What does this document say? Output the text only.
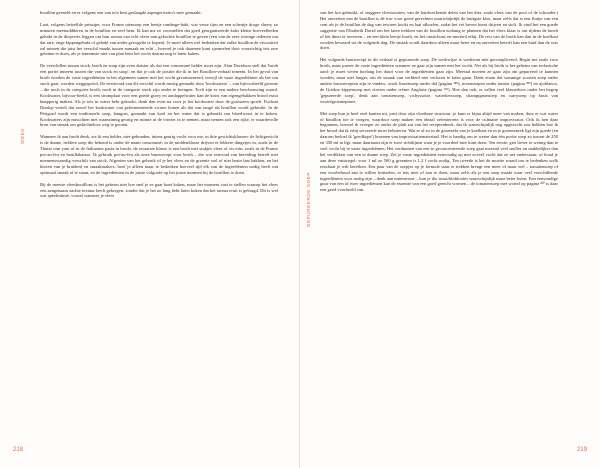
WEEK

bouillon geeneld en er volgens een van m'n best geslaagde aspergerisotto's mee gemaakt.

Laat, volgens hetzelfde principe, voor Franse uiensoep een beetje runderge-hakt, wat verse tijm en een scheutje droge sherry zo minuten meenuddderen in de bouillon en zeef hem. Ik kan me zo voorstellen dat goed georganiseerde koks kleine hoeveelheden gehakt in de diepvries leggen om hun aroma van echt vlees aan gekochte bouillon te geven (een van de zeer weinige redenen om dat rare, enge kippengehakt of gehakt van ander gevogelte te kopen). Je moet alleen wel bedenken dat zulke bouillon de viscositeit zal missen die juist het verschil maakt tussen namaak en echt – hoewel je ook daarmee kunt sjoemelen door voorzichtig iets rare gelatine te doen, als je tenminste niet van plan bent het vocht daarna nog te laten koken.

De verschillen tussen stock, broth en soup zijn even duister als dat een consommé helder moet zijn. Alan Davidson stelt dat 'broth een portie inneem tussen die van stock en soup', en dat je ook de positie die ik in het Bouillon-verhaal inneem. In het geval van broth worden de vaste ingrediënten in het algemeen samen met het vocht geconsumeerd, terwijl de vaste ingrediënten als het om stock gaat, worden weggegooid. De eerstvoud van dit verschil wordt mistig gemaakt door 'kookwaters' – van bijvoorbeeld groente – die noch in de categorie broth, noch in de categorie stock zijn onder te brengen. Toch zijn er een nadere beschouwing waard. Kookwater, bijvoor-beeld, is een stromplaat voor een goede gravy en aardappelwater kan de korst van eigengebakken brood extra knapperig maken. Als je iets in water hebt gekookt, denk dan even na voor je het kookwater door de gootsteen spoelt. Fuchsia Dunlop vertelt dat zowel het kookwater van gefermenteerde zwarte bonen als dat van taugé als bouillon wordt gebruikt. In de Périgord wordt een traditionele soep, baugras, gemaakt van kool en het water dat is gebruikt om bloedworst in te koken. Kookwaters zijn misschien niet waanzinnig geurig en ruimte in de vriezer in te nemen, maar nemen ook een rijke, te waardevolle bron van smaak om gedachteloos weg te gooien.

Wanneer ik aan broth denk, zie ik een helder, niet-gebonden, intens geurig vocht voor me, in drie gewichtsklassen: de lichtgewicht is de dunne, heldere soep die bekend is onder de naam consommé; in de middenklasse drijven er lekkere dingetjes in, zoals in de Thaise tom yam of in de Italiaanse pasta in brodo, de zwaarste klasse is een broth met stukjes vlees of vis erin, zoals in de Franse pot-au-feu en bouillabaisse. Ik gebruik pot-au-feu als onze basisrecept voor broth – die wat eenvoud van bereiding betreft niet noemenswaardig verschilt van stock. Afgezien van het gebruik of je het vlees en de groente wel of niet bruin laat bakken, en het kiezen van je kruiden) en smaakmakers, hoef je alleen maar te bedenken hoeveel tijd elk van de ingrediënten nodig heeft om optimaal smaak af te staan, en de ingrediënten in de juiste volgorde op het juiste moment bij de bouillon te doen.

Bij de meeste vleesbouillons is het geheim niet hoe snel je ze gaar kunt koken, maar het moment vast te stellen waarop het vlees een aangenaam zachte textuur heeft gekregen, zonder dat je het zo lang hebt laten koken dat het aroma eruit is gelougd. Dit is wel wat speelruimte, vooral wanneer je vlees

218
GEPUREERDE SOEP

van het bot gebruikt, of stuggere vleessoorten, van de hardwerkende delen van het dier, zoals vlees van de poot of de schouder.) Het ontvetten van de bouillon is dé truc voor goeie gerechten waarschijnlijk de lastigste klus, maar zelfs dat is een fluitje van een cent als je de bouillon de dag van tevoren kookt en laat afkoelen, zodat het vet boven komt drijven en stolt. Ik vind het een goede suggestie van Elisabeth David om het laten trekken van de bouillon zodanig te plannen dat het vlees klaar is om tijdens de lunch of het diner te serveren – en een klein beetje broth, en het onstichons en morterd erbij. De rest van de broth kan dan in de koelkast worden bewaard tot de volgende dag. De smaak wordt daardoor alleen maar beter en na ontvetten beterft kan een kind dan de was doen.

Het volgende basisrecept in dit verhaal is gepureerde soep. De werkwijze is wederom niet gecompliceerd. Begin net zoals voor broth, maar pureer de vaste ingrediënten wanneer ze gaar zijn samen met het vocht. Net als bij broth is het geheim van technische aard: je moet weten hoelang het duurt voor de ingrediënten gaar zijn. Meestal moeten ze gaar zijn om gepureerd te kunnen worden, maar niet langer, om de smaak van verbleid niet verloren te laten gaan. Denk eraan dat sommige soorten soep onder andere basisrecepten zijn te vinden– zoals linzensoep onder dal (pagina ¹⁸⁸), notensoepen onder tarator (pagina ²⁸⁹) en ajoblanco, de Griekse kippensoep met citroen onder crème Anglaise (pagina ¹⁹⁶). Hoe dan ook, er vallen veel klassiekers onder het begrip 'gepureerde soep', denk aan tomatensoep, vichyssoise, waterkerssoep, champignonsoep en currysoep op basis van wortelgroentepuree.

Met soep kun je heel veel kanten uit, juist door zijn vloeibare structuur: je kunt er bijna altijd meer van maken, door er wat water of bouillon toe te voegen, waardoor soep maken een ideaal oefenterrein is voor de culinaire improvisator. Ook ik ben daar begonnen, hoewel ik vroeger zo onder de plak zat van het receptenboek, dat ik waarschijnlijk nog opgezocht zou hebben hoe ik het brood dat ik erbij serveerde moet beboteren. Wat er al zo in de groentela van je koelkast en in je groentenrek ligt zijn goede (en daarom bedoel ik 'goedkope') bronnen van improvisatiemateriaal. Het is handig om te weten dan één portie soep zo tussen de 250 en 350 ml in ligt, maar daarnaast zijn er twee richtlijnen waar je je voordeel mee kunt doen. Ten eerste, giet liever te weinig dan te veel vocht bij te vaste ingrediënten. Het verdunnen van een te geconcentreerde soep gaat meestal veel sneller en makkelijker dan het verdikken van een te dunne soep. Zet je vaste ingrediënten eenvoudig op met zoveel vocht dat ze net onderstaan; of houd je aan deze vuistregel: voor 1 ml zo 500 g groenten is 1,2 l vocht nodig. Ten tweede is het de moeite waard om te bedenken welk resultaat je wilt bereiken. Een paar van de soepjes op je formule staat te trekken brengt een meer of maar wel – tomatensoep of een voorbehoud aan te willen fruitselen, er iets mee of aan te doen, maar zelfs als je een soep maakt waar veel verschillende ingrediënten voor nodig zijn – denk aan minestrone – kun je die truus/bloblootes waarschijnlijk maar beter lezen. Een eenvoudige guur van een of twee ingrediënten kan de essentie van een goed gerecht vormen – de tomatensoep met wortel op pagina ²²⁰ is daar een goed voorbeeld van.

219
